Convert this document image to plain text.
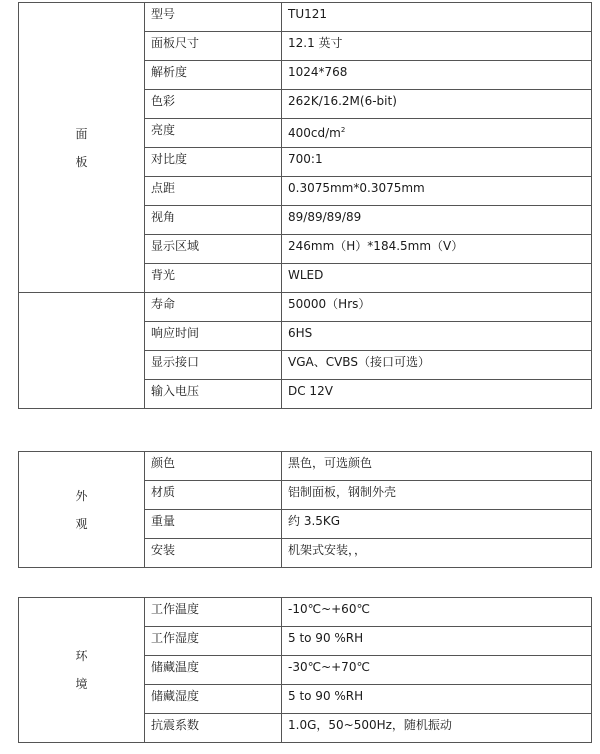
面
板	型号	TU121
	面板尺寸	12.1 英寸
	解析度	1024*768
	色彩	262K/16.2M(6-bit)
	亮度	$400cd/m^2$
	对比度	700:1
	点距	0.3075mm*0.3075mm
	视角	89/89/89/89
	显示区域	246mm（H）*184.5mm（V）
	背光	WLED
	寿命	50000（Hrs）
	响应时间	6HS
	显示接口	VGA、CVBS（接口可选）
	输入电压	DC 12V
外
观	颜色	黑色，可选颜色
	材质	铝制面板，钢制外壳
	重量	约 3.5KG
	安装	机架式安装，，
环
境	工作温度	-10℃~+60℃
	工作湿度	5 to 90 %RH
	储藏温度	-30℃~+70℃
	储藏湿度	5 to 90 %RH
	抗震系数	1.0G，50~500Hz，随机振动
